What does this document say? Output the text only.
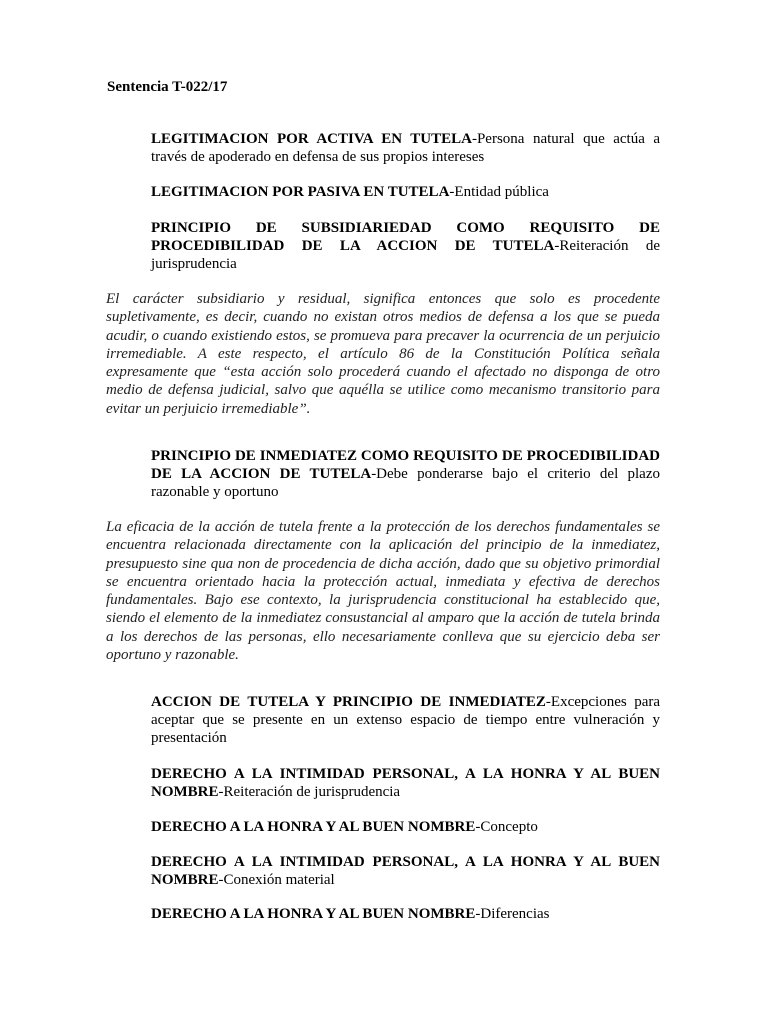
Sentencia T-022/17

LEGITIMACION POR ACTIVA EN TUTELA-Persona natural que actúa a través de apoderado en defensa de sus propios intereses

LEGITIMACION POR PASIVA EN TUTELA-Entidad pública

PRINCIPIO DE SUBSIDIARIEDAD COMO REQUISITO DE PROCEDIBILIDAD DE LA ACCION DE TUTELA-Reiteración de jurisprudencia

El carácter subsidiario y residual, significa entonces que solo es procedente supletivamente, es decir, cuando no existan otros medios de defensa a los que se pueda acudir, o cuando existiendo estos, se promueva para precaver la ocurrencia de un perjuicio irremediable. A este respecto, el artículo 86 de la Constitución Política señala expresamente que “esta acción solo procederá cuando el afectado no disponga de otro medio de defensa judicial, salvo que aquélla se utilice como mecanismo transitorio para evitar un perjuicio irremediable”.

PRINCIPIO DE INMEDIATEZ COMO REQUISITO DE PROCEDIBILIDAD DE LA ACCION DE TUTELA-Debe ponderarse bajo el criterio del plazo razonable y oportuno

La eficacia de la acción de tutela frente a la protección de los derechos fundamentales se encuentra relacionada directamente con la aplicación del principio de la inmediatez, presupuesto sine qua non de procedencia de dicha acción, dado que su objetivo primordial se encuentra orientado hacia la protección actual, inmediata y efectiva de derechos fundamentales. Bajo ese contexto, la jurisprudencia constitucional ha establecido que, siendo el elemento de la inmediatez consustancial al amparo que la acción de tutela brinda a los derechos de las personas, ello necesariamente conlleva que su ejercicio deba ser oportuno y razonable.

ACCION DE TUTELA Y PRINCIPIO DE INMEDIATEZ-Excepciones para aceptar que se presente en un extenso espacio de tiempo entre vulneración y presentación

DERECHO A LA INTIMIDAD PERSONAL, A LA HONRA Y AL BUEN NOMBRE-Reiteración de jurisprudencia

DERECHO A LA HONRA Y AL BUEN NOMBRE-Concepto

DERECHO A LA INTIMIDAD PERSONAL, A LA HONRA Y AL BUEN NOMBRE-Conexión material

DERECHO A LA HONRA Y AL BUEN NOMBRE-Diferencias
